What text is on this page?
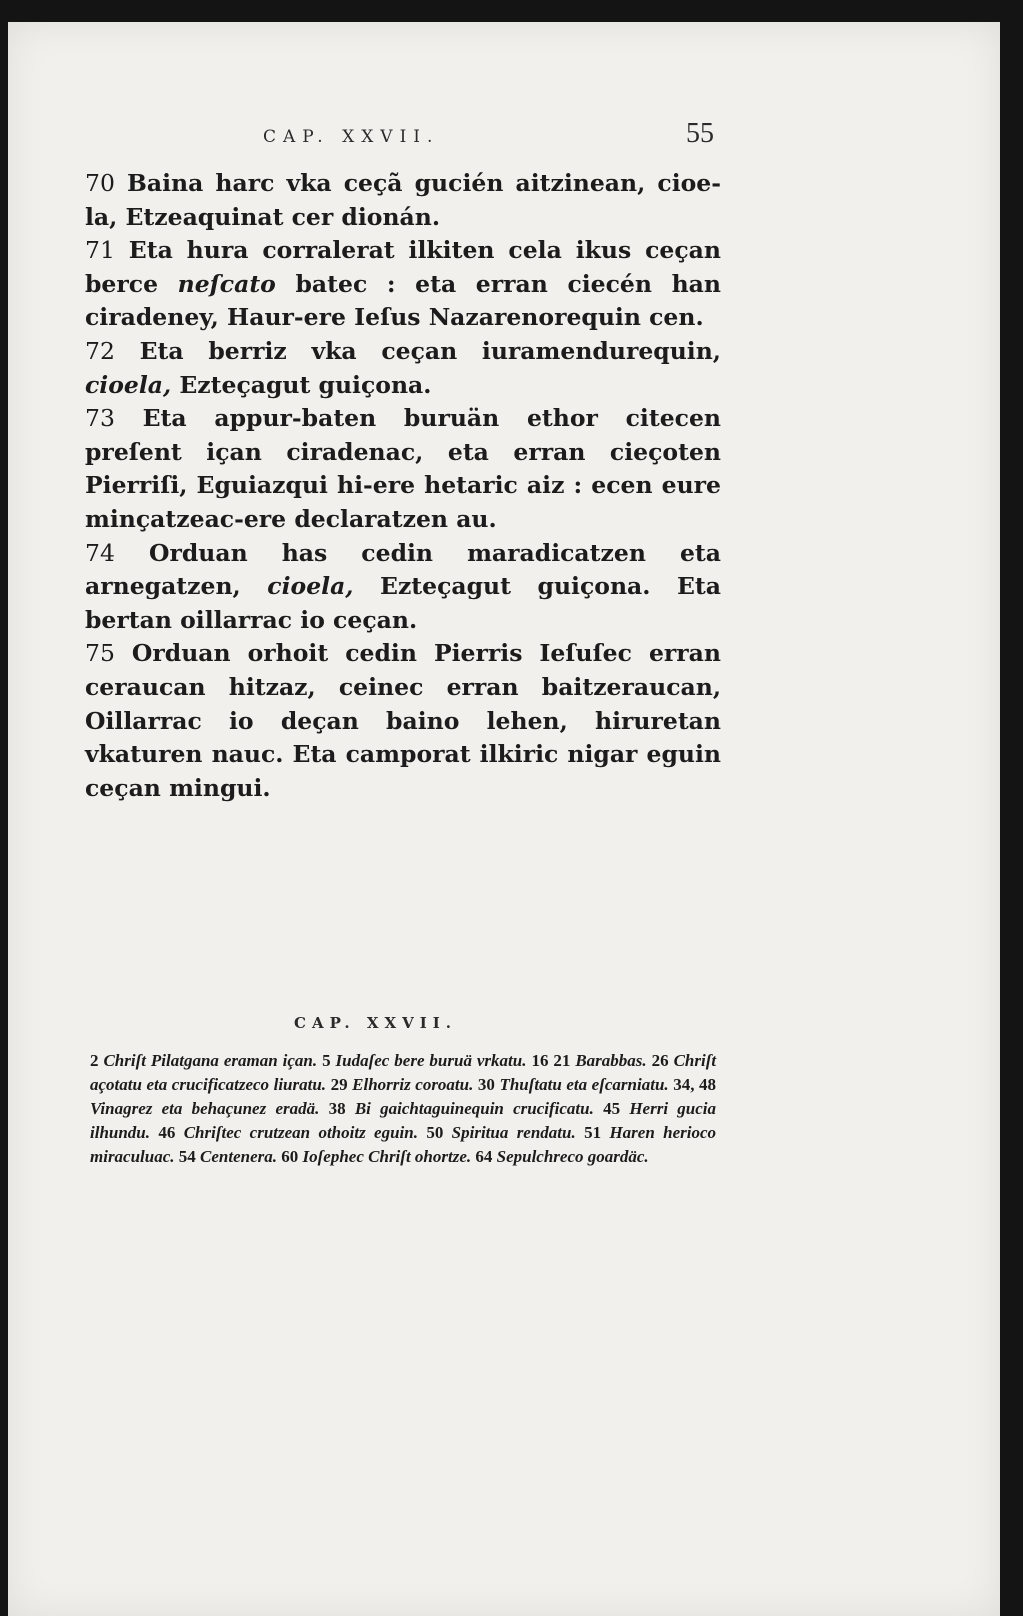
CAP. XXVII.	55

70 Baina harc vka ceçã gucién aitzinean, cioe-la, Etzeaquinat cer dionán.

71 Eta hura corralerat ilkiten cela ikus ceçan berce neſcato batec : eta erran ciecén han ciradeney, Haur-ere Ieſus Nazarenorequin cen.

72 Eta berriz vka ceçan iuramendurequin, cioela, Ezteçagut guiçona.

73 Eta appur-baten buruän ethor citecen preſent içan ciradenac, eta erran cieçoten Pierriſi, Eguiazqui hi-ere hetaric aiz : ecen eure minçatzeac-ere declaratzen au.

74 Orduan has cedin maradicatzen eta arnegatzen, cioela, Ezteçagut guiçona. Eta bertan oillarrac io ceçan.

75 Orduan orhoit cedin Pierris Ieſuſec erran ceraucan hitzaz, ceinec erran baitzeraucan, Oillarrac io deçan baino lehen, hiruretan vkaturen nauc. Eta camporat ilkiric nigar eguin ceçan mingui.

CAP. XXVII.
2 Chriſt Pilatgana eraman içan. 5 Iudaſec bere buruä vrkatu. 16 21 Barabbas. 26 Chriſt açotatu eta crucificatzeco liuratu. 29 Elhorriz coroatu. 30 Thuſtatu eta eſcarniatu. 34, 48 Vinagrez eta behaçunez eradä. 38 Bi gaichtaguinequin crucificatu. 45 Herri gucia ilhundu. 46 Chriſtec crutzean othoitz eguin. 50 Spiritua rendatu. 51 Haren herioco miraculuac. 54 Centenera. 60 Ioſephec Chriſt ohortze. 64 Sepulchreco goardäc.
